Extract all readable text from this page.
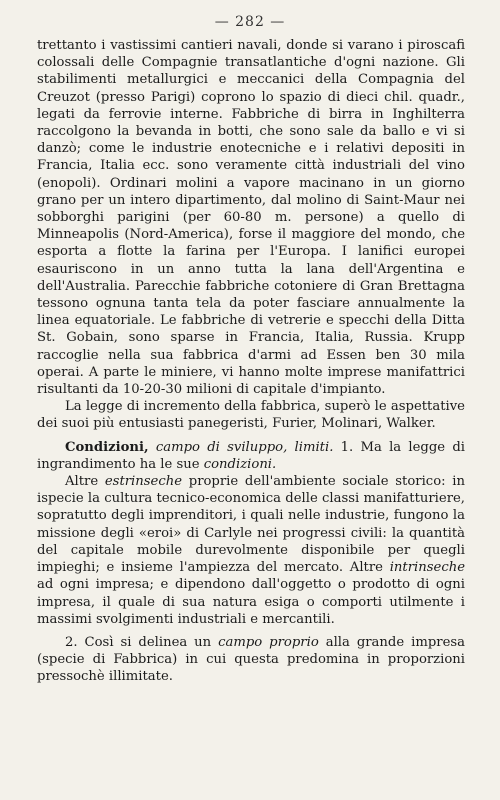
— 282 —

trettanto i vastissimi cantieri navali, donde si varano i piroscafi colossali delle Compagnie transatlantiche d'ogni nazione. Gli stabilimenti metallurgici e meccanici della Compagnia del Creuzot (presso Parigi) coprono lo spazio di dieci chil. quadr., legati da ferrovie interne. Fabbriche di birra in Inghilterra raccolgono la bevanda in botti, che sono sale da ballo e vi si danzò; come le industrie enotecniche e i relativi depositi in Francia, Italia ecc. sono veramente città industriali del vino (enopoli). Ordinari molini a vapore macinano in un giorno grano per un intero dipartimento, dal molino di Saint-Maur nei sobborghi parigini (per 60-80 m. persone) a quello di Minneapolis (Nord-America), forse il maggiore del mondo, che esporta a flotte la farina per l'Europa. I lanifici europei esauriscono in un anno tutta la lana dell'Argentina e dell'Australia. Parecchie fabbriche cotoniere di Gran Brettagna tessono ognuna tanta tela da poter fasciare annualmente la linea equatoriale. Le fabbriche di vetrerie e specchi della Ditta St. Gobain, sono sparse in Francia, Italia, Russia. Krupp raccoglie nella sua fabbrica d'armi ad Essen ben 30 mila operai. A parte le miniere, vi hanno molte imprese manifattrici risultanti da 10-20-30 milioni di capitale d'impianto.

La legge di incremento della fabbrica, superò le aspettative dei suoi più entusiasti panegeristi, Furier, Molinari, Walker.

Condizioni, campo di sviluppo, limiti. 1. Ma la legge di ingrandimento ha le sue condizioni.

Altre estrinseche proprie dell'ambiente sociale storico: in ispecie la cultura tecnico-economica delle classi manifatturiere, sopratutto degli imprenditori, i quali nelle industrie, fungono la missione degli «eroi» di Carlyle nei progressi civili: la quantità del capitale mobile durevolmente disponibile per quegli impieghi; e insieme l'ampiezza del mercato. Altre intrinseche ad ogni impresa; e dipendono dall'oggetto o prodotto di ogni impresa, il quale di sua natura esiga o comporti utilmente i massimi svolgimenti industriali e mercantili.

2. Così si delinea un campo proprio alla grande impresa (specie di Fabbrica) in cui questa predomina in proporzioni pressochè illimitate.
